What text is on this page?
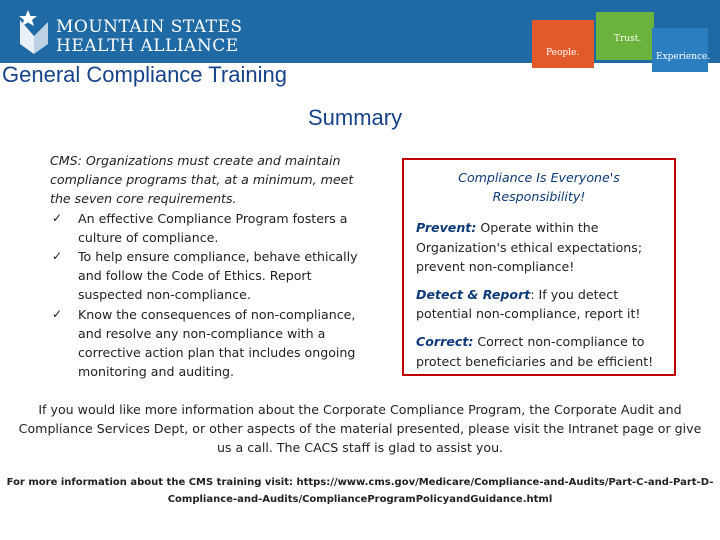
MOUNTAIN STATES
HEALTH ALLIANCE	Trust.
People.	Experience.
General Compliance Training
Summary
CMS: Organizations must create and maintain compliance programs that, at a minimum, meet the seven core requirements.
✓ An effective Compliance Program fosters a culture of compliance.
✓ To help ensure compliance, behave ethically and follow the Code of Ethics. Report suspected non-compliance.
✓ Know the consequences of non-compliance, and resolve any non-compliance with a corrective action plan that includes ongoing monitoring and auditing.
Compliance Is Everyone's Responsibility!
Prevent: Operate within the Organization's ethical expectations; prevent non-compliance!
Detect & Report: If you detect potential non-compliance, report it!
Correct: Correct non-compliance to protect beneficiaries and be efficient!
If you would like more information about the Corporate Compliance Program, the Corporate Audit and Compliance Services Dept, or other aspects of the material presented, please visit the Intranet page or give us a call. The CACS staff is glad to assist you.
For more information about the CMS training visit: https://www.cms.gov/Medicare/Compliance-and-Audits/Part-C-and-Part-D-Compliance-and-Audits/ComplianceProgramPolicyandGuidance.html
